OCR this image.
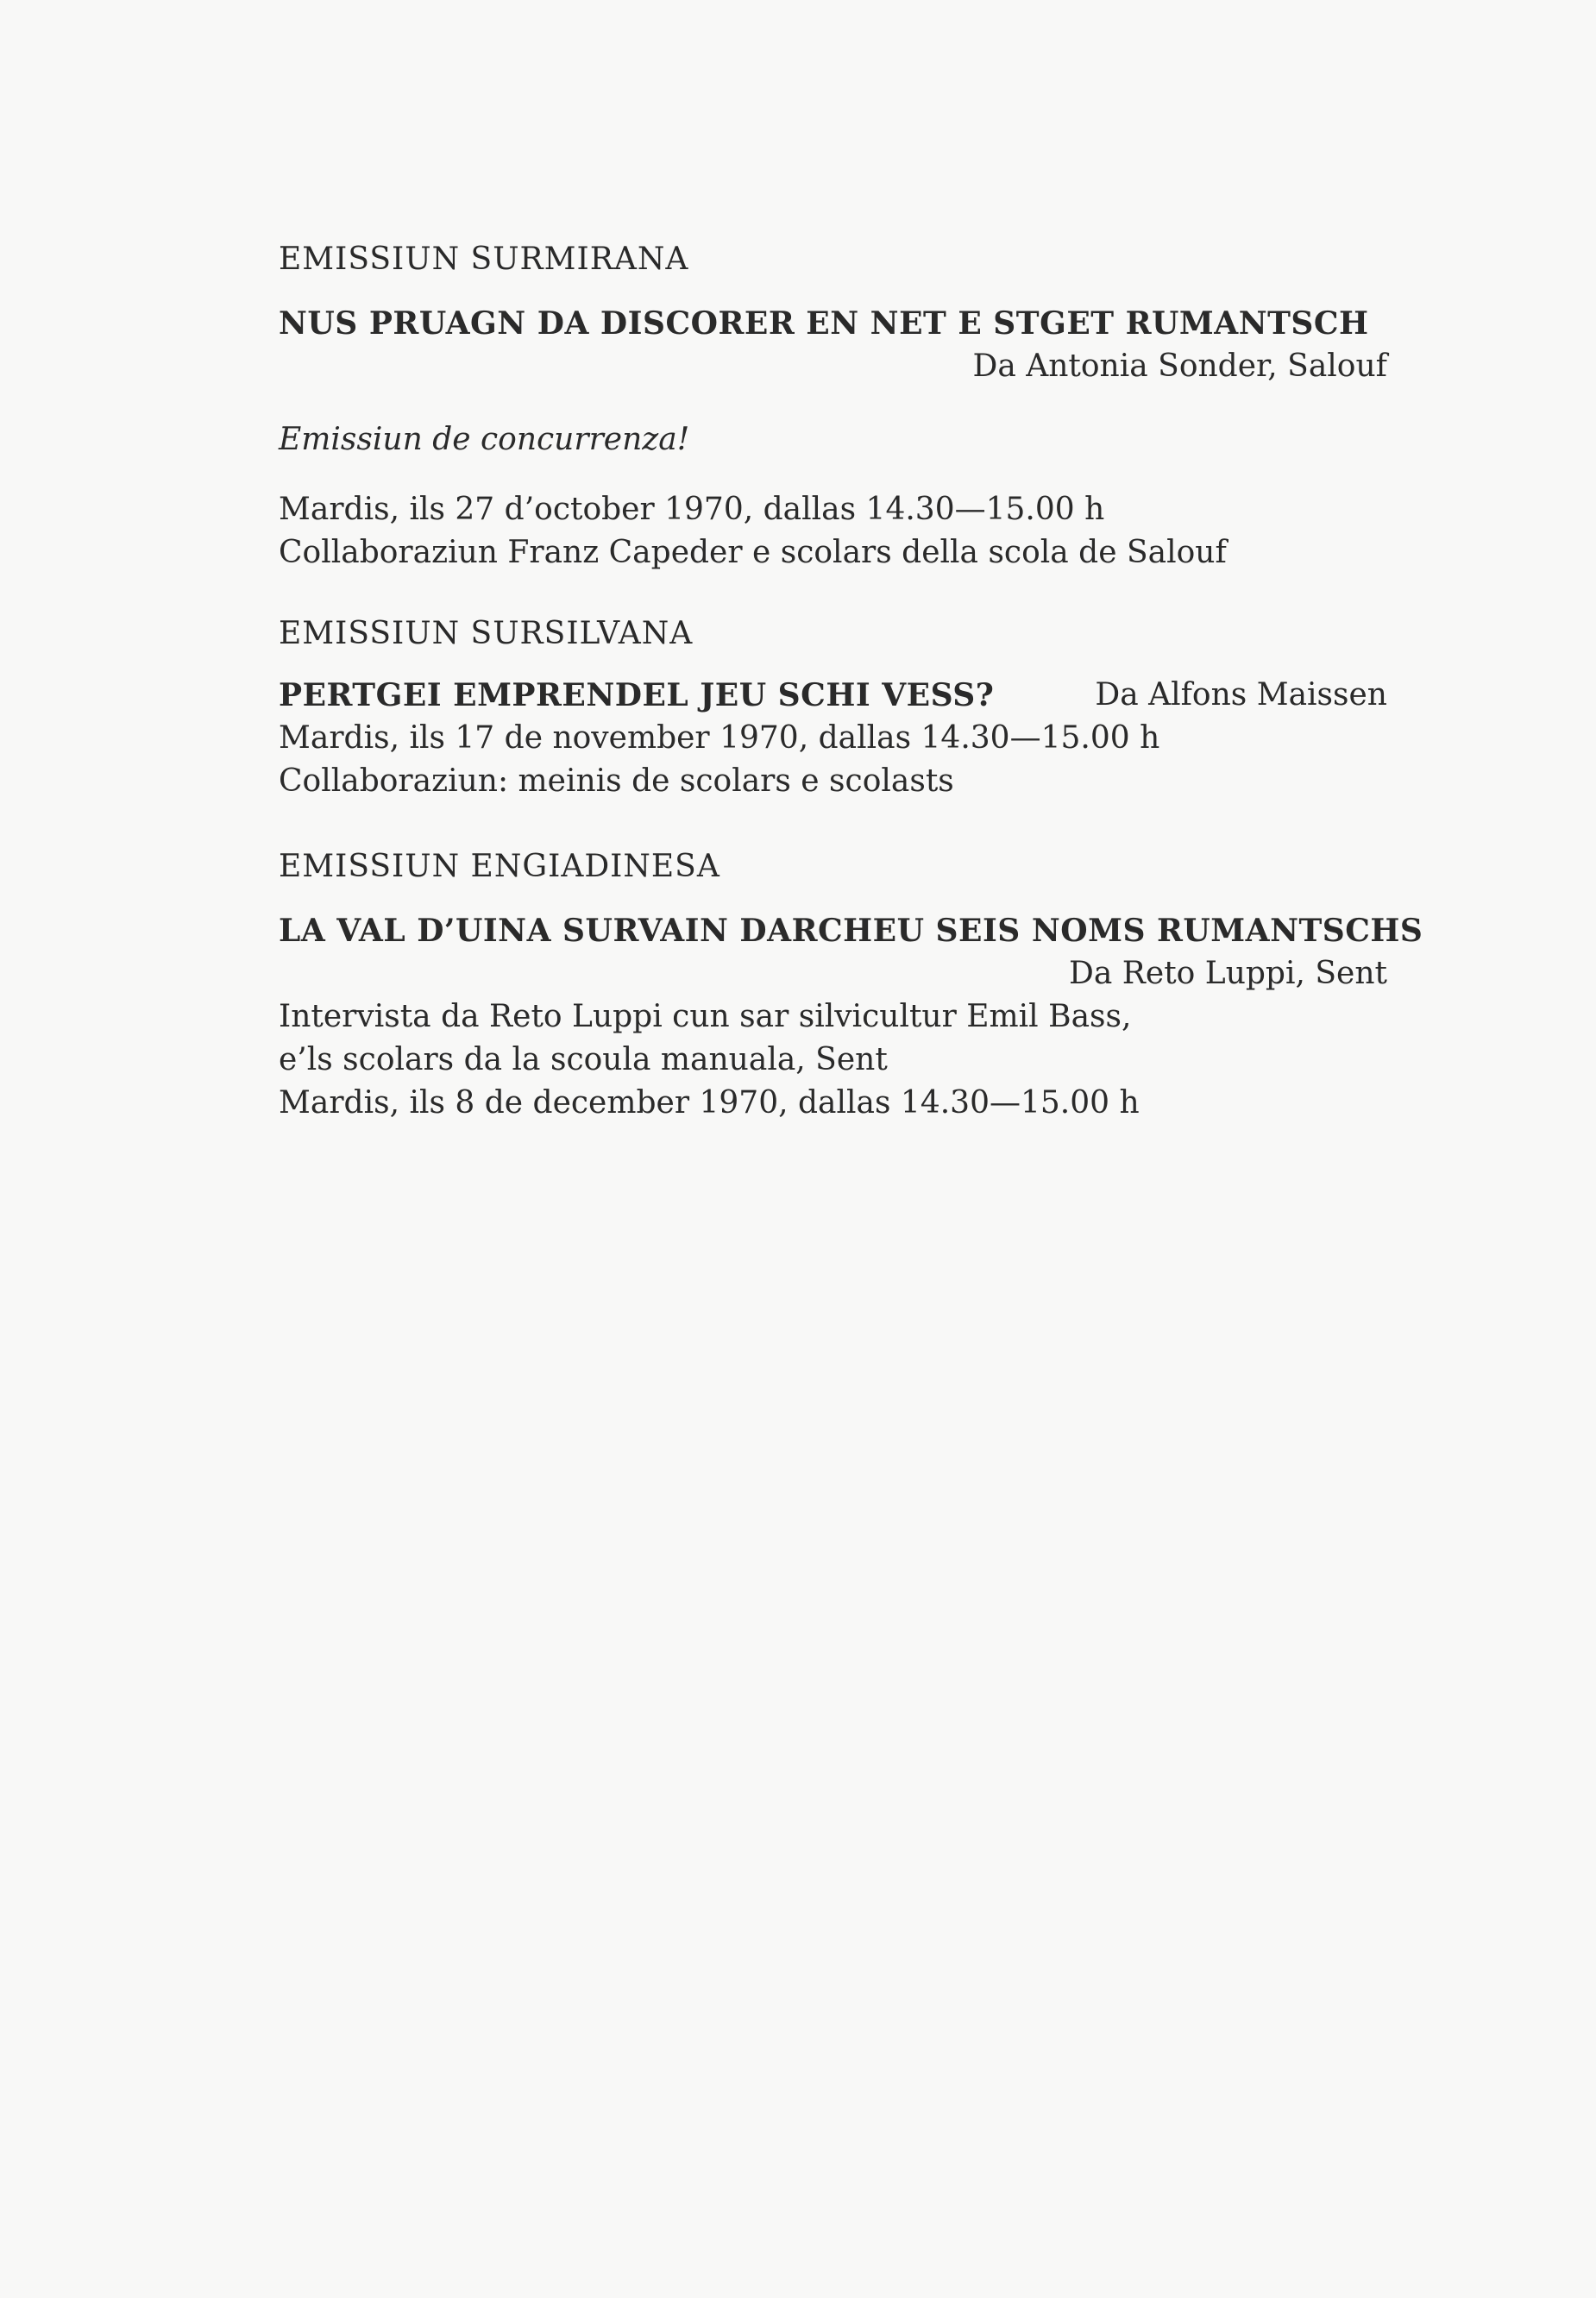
EMISSIUN SURMIRANA
NUS PRUAGN DA DISCORER EN NET E STGET RUMANTSCH
Da Antonia Sonder, Salouf
Emissiun de concurrenza!
Mardis, ils 27 d’october 1970, dallas 14.30—15.00 h
Collaboraziun Franz Capeder e scolars della scola de Salouf
EMISSIUN SURSILVANA
PERTGEI EMPRENDEL JEU SCHI VESS?	Da Alfons Maissen
Mardis, ils 17 de november 1970, dallas 14.30—15.00 h
Collaboraziun: meinis de scolars e scolasts
EMISSIUN ENGIADINESA
LA VAL D’UINA SURVAIN DARCHEU SEIS NOMS RUMANTSCHS
Da Reto Luppi, Sent
Intervista da Reto Luppi cun sar silvicultur Emil Bass,
e’ls scolars da la scoula manuala, Sent
Mardis, ils 8 de december 1970, dallas 14.30—15.00 h
